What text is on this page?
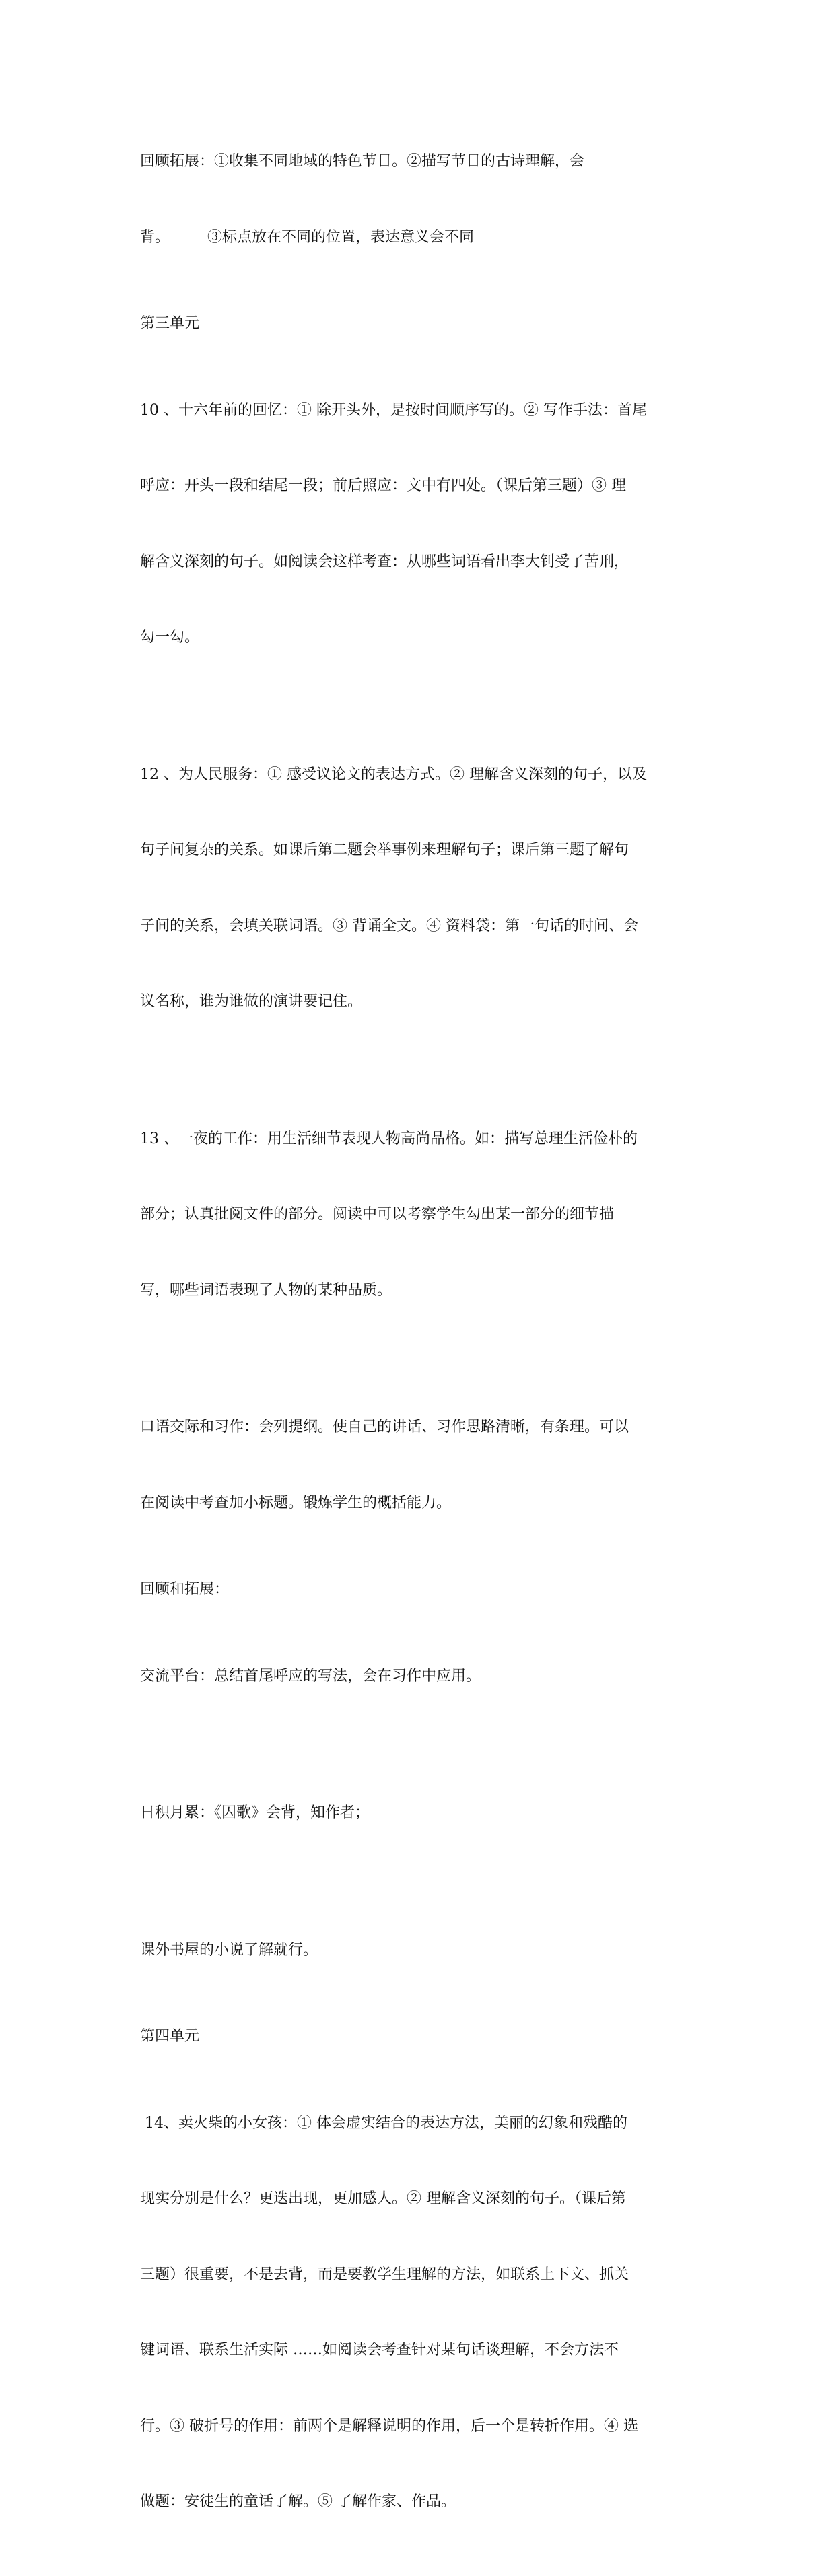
回顾拓展：①收集不同地域的特色节日。②描写节日的古诗理解，会

背。        ③标点放在不同的位置，表达意义会不同

第三单元

10 、十六年前的回忆：① 除开头外，是按时间顺序写的。② 写作手法：首尾

呼应：开头一段和结尾一段；前后照应：文中有四处。（课后第三题）③ 理

解含义深刻的句子。如阅读会这样考查：从哪些词语看出李大钊受了苦刑，

勾一勾。

12 、为人民服务：① 感受议论文的表达方式。② 理解含义深刻的句子，以及

句子间复杂的关系。如课后第二题会举事例来理解句子；课后第三题了解句

子间的关系，会填关联词语。③ 背诵全文。④ 资料袋：第一句话的时间、会

议名称，谁为谁做的演讲要记住。

13 、一夜的工作：用生活细节表现人物高尚品格。如：描写总理生活俭朴的

部分；认真批阅文件的部分。阅读中可以考察学生勾出某一部分的细节描

写，哪些词语表现了人物的某种品质。

口语交际和习作：会列提纲。使自己的讲话、习作思路清晰，有条理。可以

在阅读中考查加小标题。锻炼学生的概括能力。

回顾和拓展：

交流平台：总结首尾呼应的写法，会在习作中应用。

日积月累：《囚歌》会背，知作者；

课外书屋的小说了解就行。

第四单元

14、卖火柴的小女孩：① 体会虚实结合的表达方法，美丽的幻象和残酷的

现实分别是什么？更迭出现，更加感人。② 理解含义深刻的句子。（课后第

三题）很重要，不是去背，而是要教学生理解的方法，如联系上下文、抓关

键词语、联系生活实际 ……如阅读会考查针对某句话谈理解，不会方法不

行。③ 破折号的作用：前两个是解释说明的作用，后一个是转折作用。④ 选

做题：安徒生的童话了解。⑤ 了解作家、作品。
